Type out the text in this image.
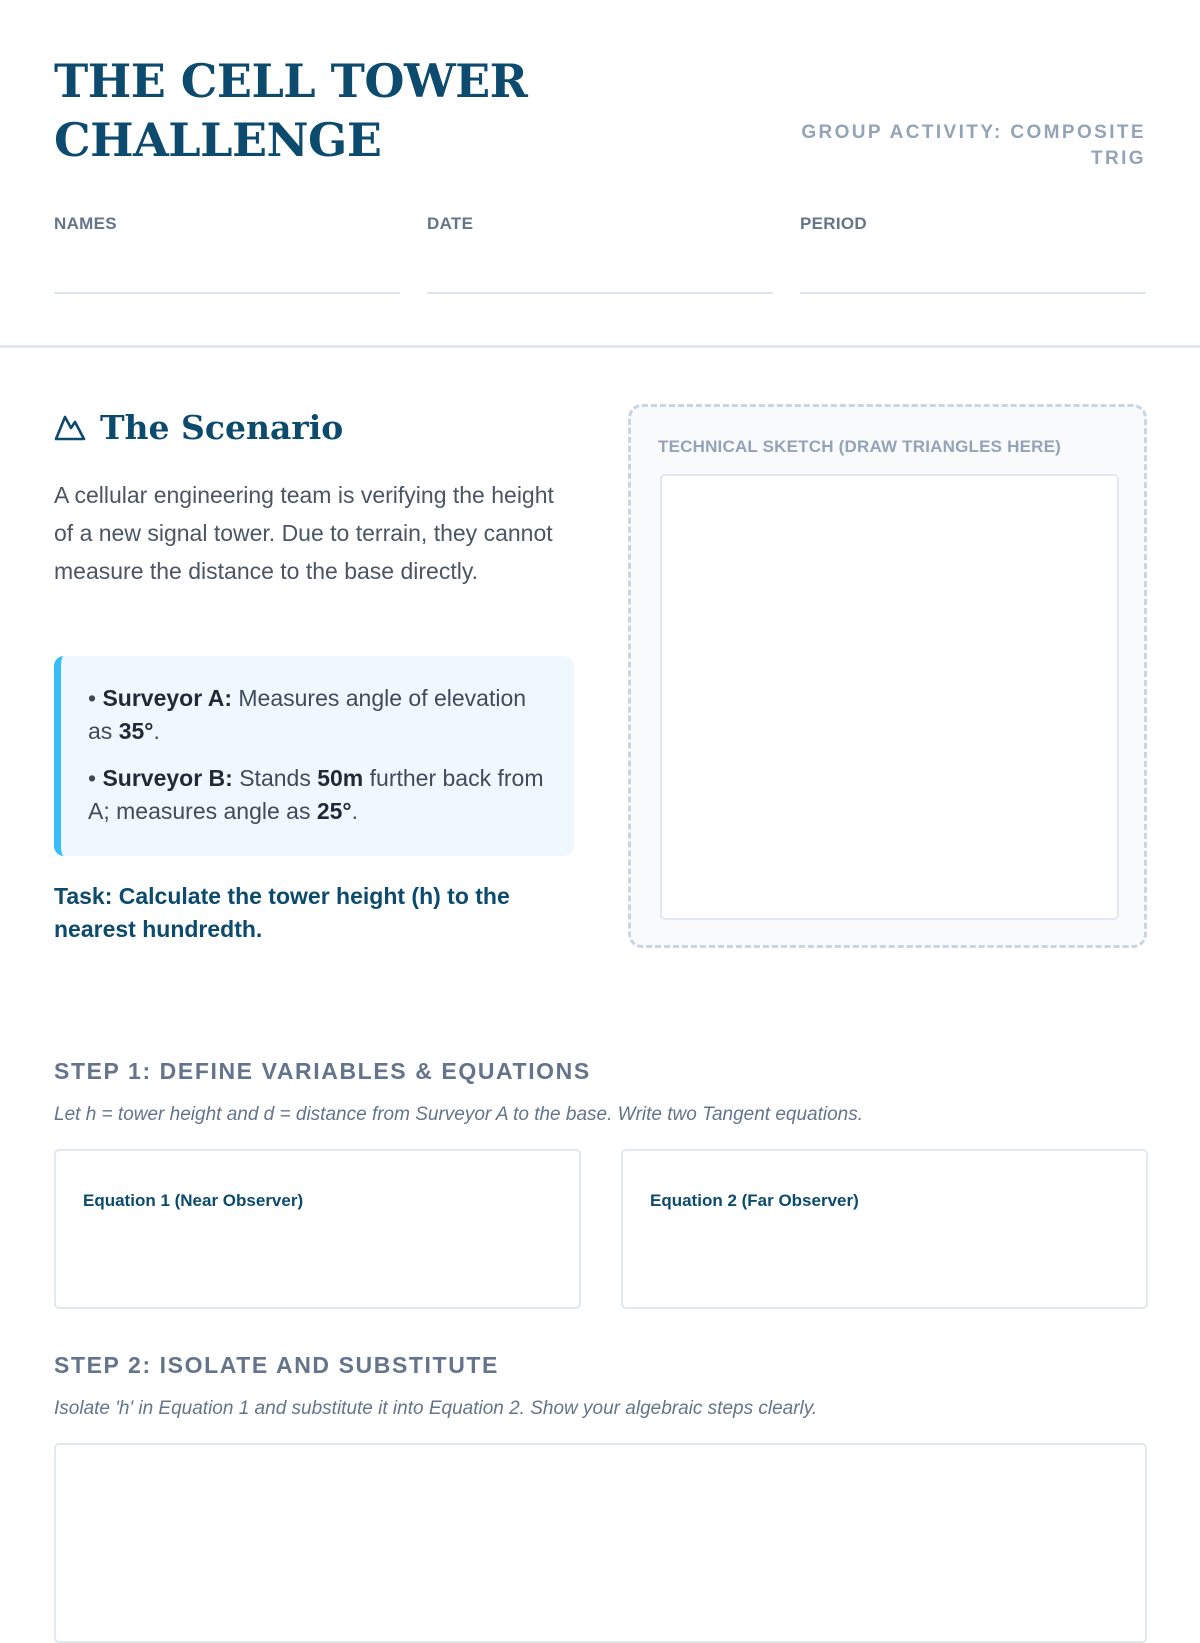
THE CELL TOWER
CHALLENGE	GROUP ACTIVITY: COMPOSITE TRIG
NAMES	DATE	PERIOD
The Scenario

A cellular engineering team is verifying the height of a new signal tower. Due to terrain, they cannot measure the distance to the base directly.

• Surveyor A: Measures angle of elevation as 35°.

• Surveyor B: Stands 50m further back from A; measures angle as 25°.

Task: Calculate the tower height (h) to the nearest hundredth.
TECHNICAL SKETCH (DRAW TRIANGLES HERE)
STEP 1: DEFINE VARIABLES & EQUATIONS

Let h = tower height and d = distance from Surveyor A to the base. Write two Tangent equations.

Equation 1 (Near Observer)	Equation 2 (Far Observer)
STEP 2: ISOLATE AND SUBSTITUTE

Isolate 'h' in Equation 1 and substitute it into Equation 2. Show your algebraic steps clearly.
